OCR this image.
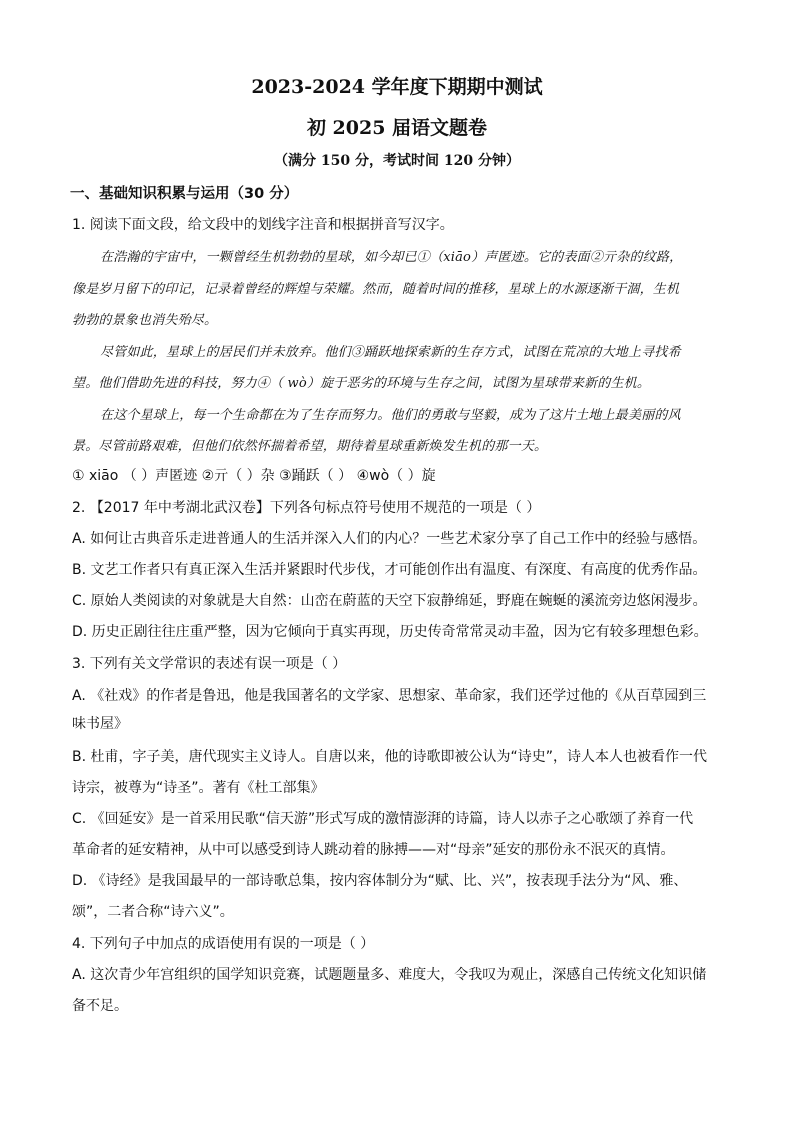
2023-2024 学年度下期期中测试
初 2025 届语文题卷
（满分 150 分，考试时间 120 分钟）
一、基础知识积累与运用（30 分）
1. 阅读下面文段，给文段中的划线字注音和根据拼音写汉字。
在浩瀚的宇宙中，一颗曾经生机勃勃的星球，如今却已①（xiāo）声匿迹。它的表面②亓杂的纹路，
像是岁月留下的印记，记录着曾经的辉煌与荣耀。然而，随着时间的推移，星球上的水源逐渐干涸，生机
勃勃的景象也消失殆尽。
尽管如此，星球上的居民们并未放弃。他们③踊跃地探索新的生存方式，试图在荒凉的大地上寻找希
望。他们借助先进的科技，努力④（ wò）旋于恶劣的环境与生存之间，试图为星球带来新的生机。
在这个星球上，每一个生命都在为了生存而努力。他们的勇敢与坚毅，成为了这片土地上最美丽的风
景。尽管前路艰难，但他们依然怀揣着希望，期待着星球重新焕发生机的那一天。
① xiāo （ ）声匿迹 ②亓（ ）杂 ③踊跃（ ） ④wò（ ）旋
2. 【2017 年中考湖北武汉卷】下列各句标点符号使用不规范的一项是（ ）
A. 如何让古典音乐走进普通人的生活并深入人们的内心？一些艺术家分享了自己工作中的经验与感悟。
B. 文艺工作者只有真正深入生活并紧跟时代步伐，才可能创作出有温度、有深度、有高度的优秀作品。
C. 原始人类阅读的对象就是大自然：山峦在蔚蓝的天空下寂静绵延，野鹿在蜿蜒的溪流旁边悠闲漫步。
D. 历史正剧往往庄重严整，因为它倾向于真实再现，历史传奇常常灵动丰盈，因为它有较多理想色彩。
3. 下列有关文学常识的表述有误一项是（ ）
A. 《社戏》的作者是鲁迅，他是我国著名的文学家、思想家、革命家，我们还学过他的《从百草园到三
味书屋》
B. 杜甫，字子美，唐代现实主义诗人。自唐以来，他的诗歌即被公认为“诗史”，诗人本人也被看作一代
诗宗，被尊为“诗圣”。著有《杜工部集》
C. 《回延安》是一首采用民歌“信天游”形式写成的激情澎湃的诗篇，诗人以赤子之心歌颂了养育一代
革命者的延安精神，从中可以感受到诗人跳动着的脉搏——对“母亲”延安的那份永不泯灭的真情。
D. 《诗经》是我国最早的一部诗歌总集，按内容体制分为“赋、比、兴”，按表现手法分为“风、雅、
颂”，二者合称“诗六义”。
4. 下列句子中加点的成语使用有误的一项是（ ）
A. 这次青少年宫组织的国学知识竞赛，试题题量多、难度大，令我叹为观止，深感自己传统文化知识储
备不足。
